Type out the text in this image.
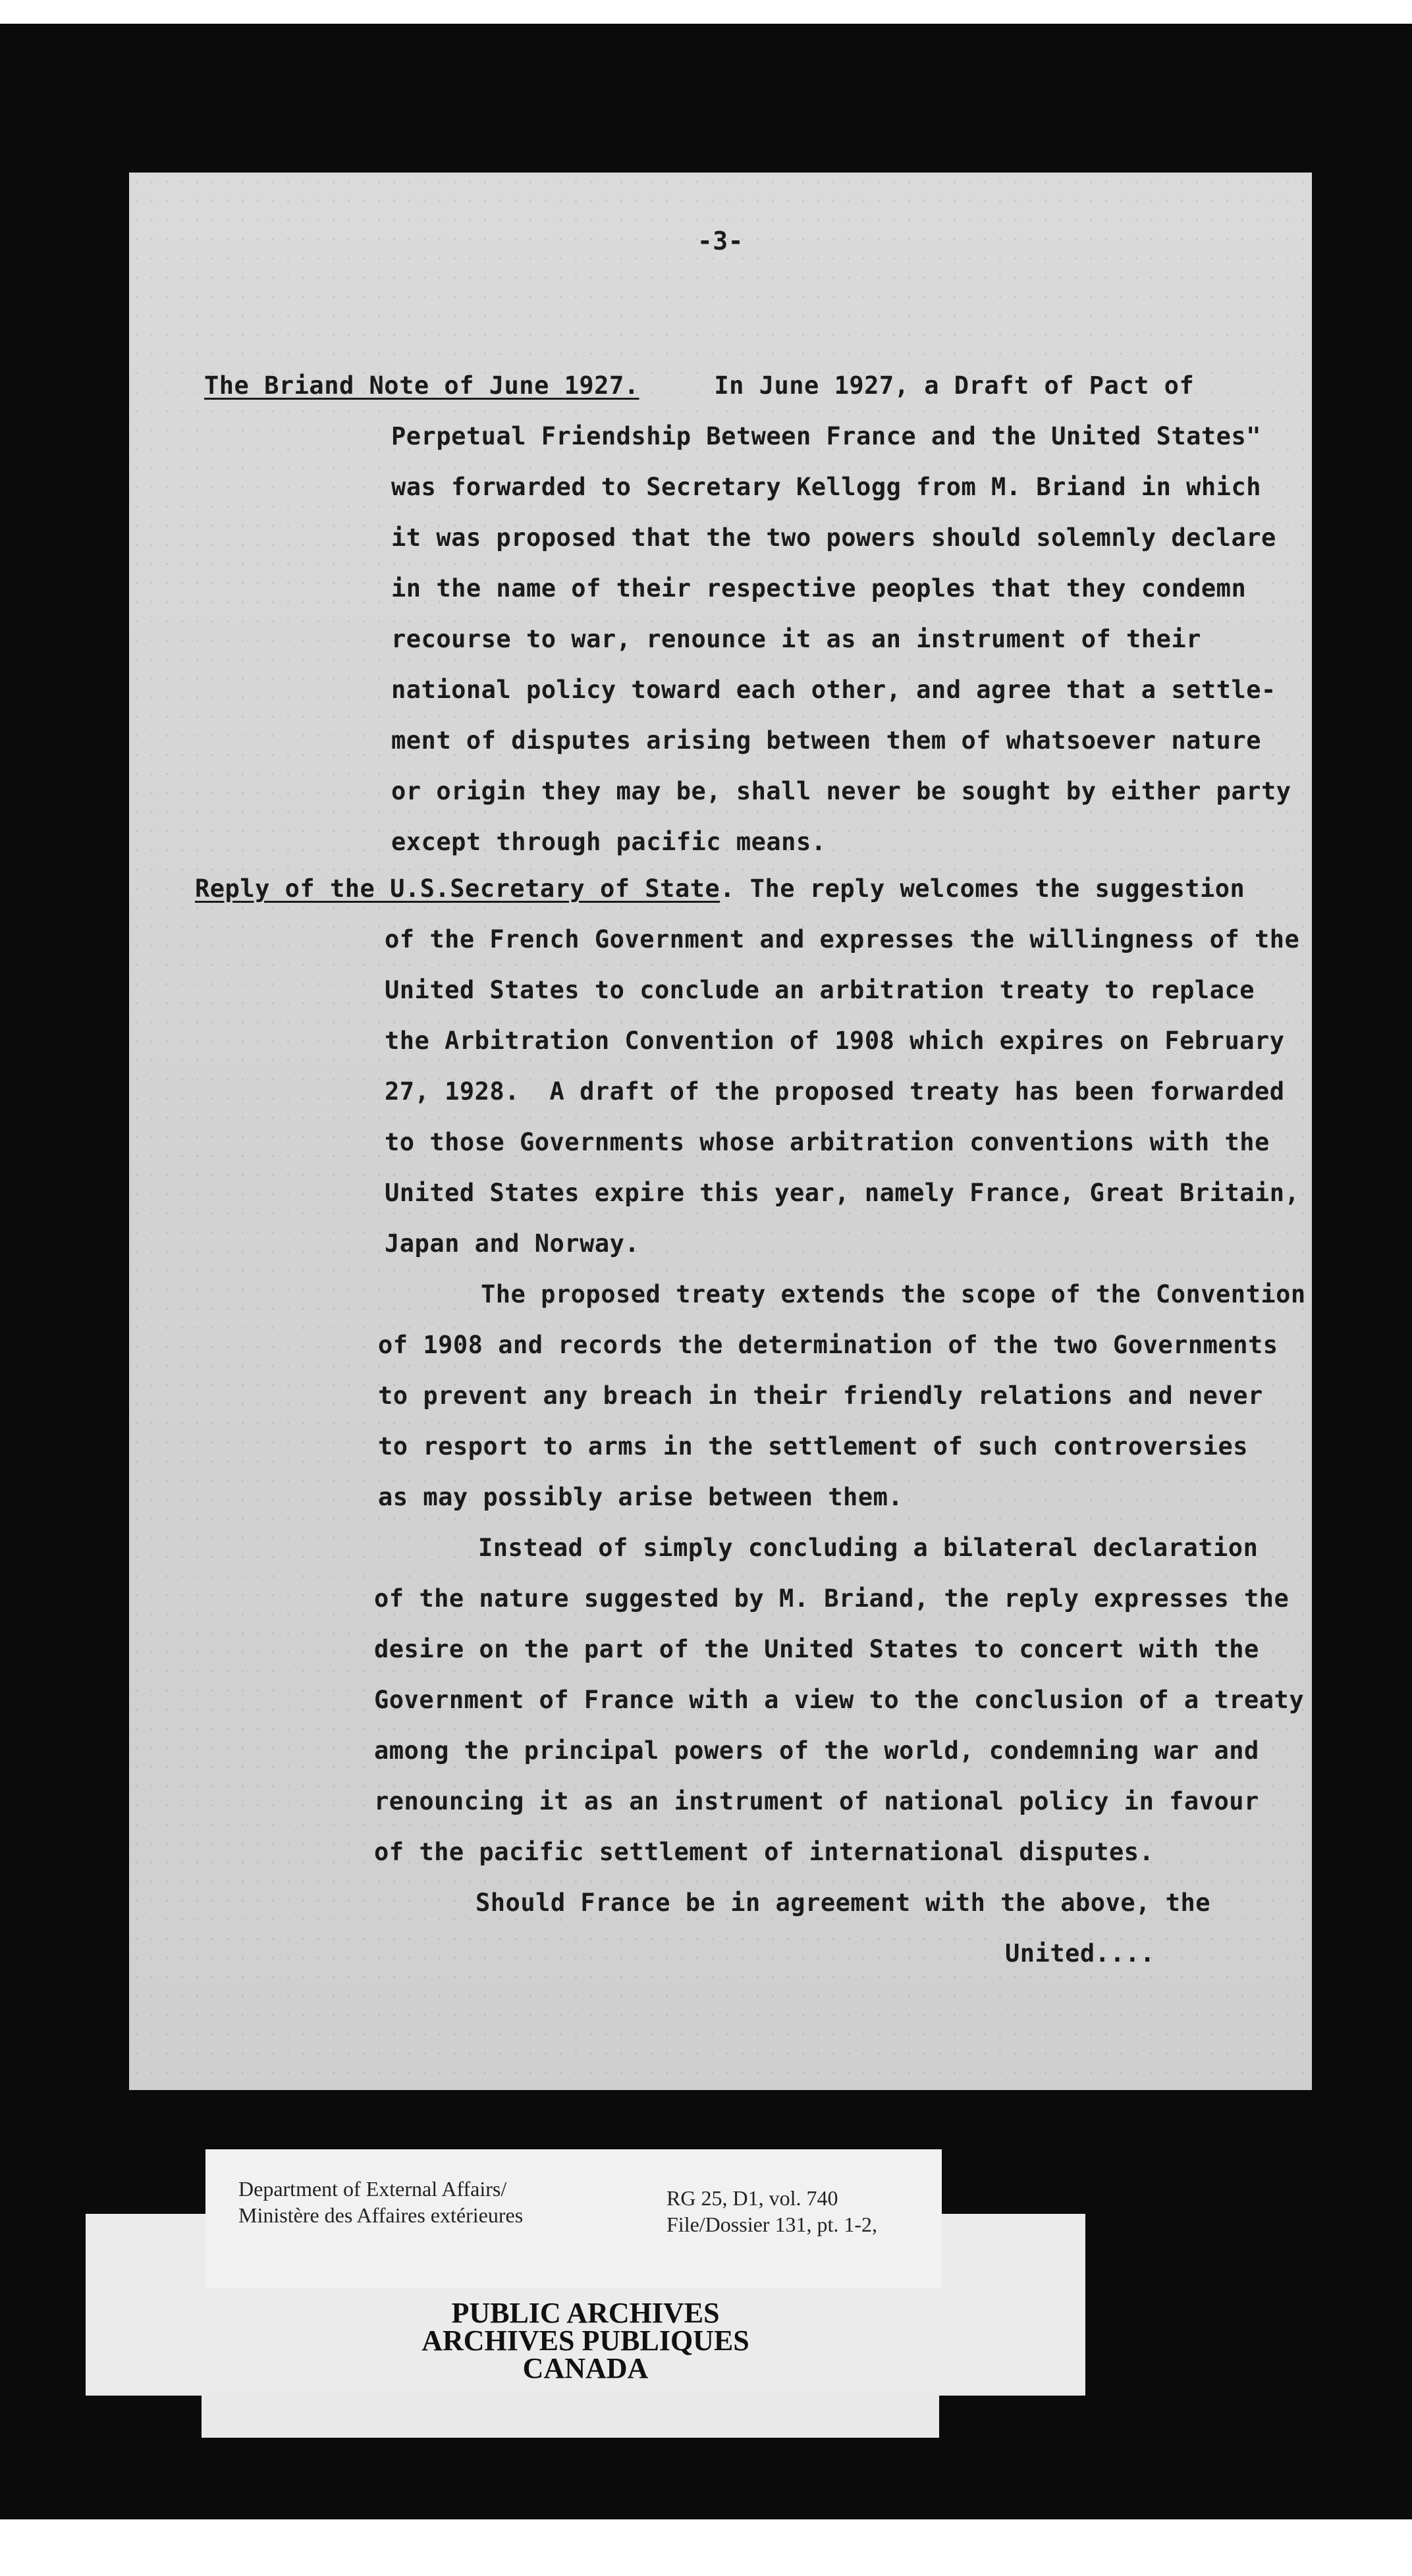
-3-
The Briand Note of June 1927.     In June 1927, a Draft of Pact of
Perpetual Friendship Between France and the United States"
was forwarded to Secretary Kellogg from M. Briand in which
it was proposed that the two powers should solemnly declare
in the name of their respective peoples that they condemn
recourse to war, renounce it as an instrument of their
national policy toward each other, and agree that a settle-
ment of disputes arising between them of whatsoever nature
or origin they may be, shall never be sought by either party
except through pacific means.
Reply of the U.S.Secretary of State. The reply welcomes the suggestion
of the French Government and expresses the willingness of the
United States to conclude an arbitration treaty to replace
the Arbitration Convention of 1908 which expires on February
27, 1928.  A draft of the proposed treaty has been forwarded
to those Governments whose arbitration conventions with the
United States expire this year, namely France, Great Britain,
Japan and Norway.
The proposed treaty extends the scope of the Convention
of 1908 and records the determination of the two Governments
to prevent any breach in their friendly relations and never
to resport to arms in the settlement of such controversies
as may possibly arise between them.
Instead of simply concluding a bilateral declaration
of the nature suggested by M. Briand, the reply expresses the
desire on the part of the United States to concert with the
Government of France with a view to the conclusion of a treaty
among the principal powers of the world, condemning war and
renouncing it as an instrument of national policy in favour
of the pacific settlement of international disputes.
Should France be in agreement with the above, the
United....
PUBLIC ARCHIVES
ARCHIVES PUBLIQUES
CANADA
Department of External Affairs/
Ministère des Affaires extérieures
RG 25, D1, vol. 740
File/Dossier 131, pt. 1-2,
